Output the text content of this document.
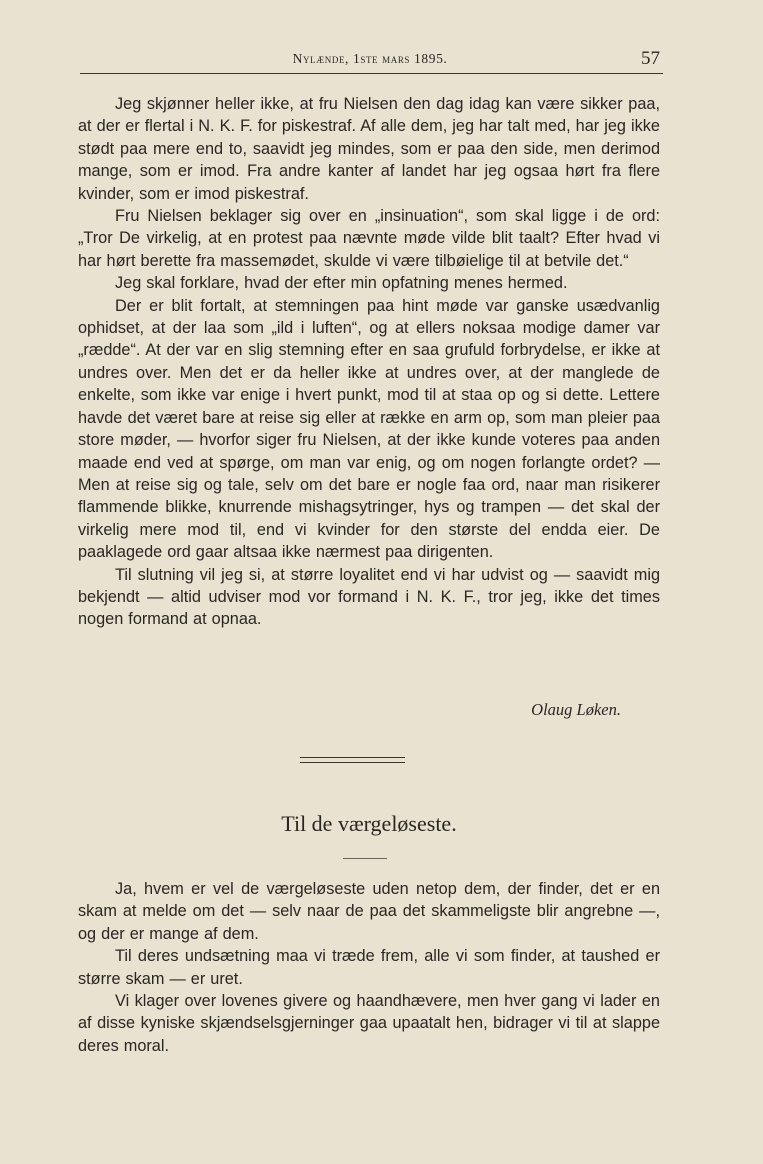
Nylænde, 1ste mars 1895.	57

Jeg skjønner heller ikke, at fru Nielsen den dag idag kan være sikker paa, at der er flertal i N. K. F. for piskestraf. Af alle dem, jeg har talt med, har jeg ikke stødt paa mere end to, saavidt jeg mindes, som er paa den side, men derimod mange, som er imod. Fra andre kanter af landet har jeg ogsaa hørt fra flere kvinder, som er imod piskestraf.

Fru Nielsen beklager sig over en „insinuation“, som skal ligge i de ord: „Tror De virkelig, at en protest paa nævnte møde vilde blit taalt? Efter hvad vi har hørt berette fra massemødet, skulde vi være tilbøielige til at betvile det.“

Jeg skal forklare, hvad der efter min opfatning menes hermed.

Der er blit fortalt, at stemningen paa hint møde var ganske usædvanlig ophidset, at der laa som „ild i luften“, og at ellers noksaa modige damer var „rædde“. At der var en slig stemning efter en saa grufuld forbrydelse, er ikke at undres over. Men det er da heller ikke at undres over, at der manglede de enkelte, som ikke var enige i hvert punkt, mod til at staa op og si dette. Lettere havde det været bare at reise sig eller at række en arm op, som man pleier paa store møder, — hvorfor siger fru Nielsen, at der ikke kunde voteres paa anden maade end ved at spørge, om man var enig, og om nogen forlangte ordet? — Men at reise sig og tale, selv om det bare er nogle faa ord, naar man risikerer flammende blikke, knurrende mishagsytringer, hys og trampen — det skal der virkelig mere mod til, end vi kvinder for den største del endda eier. De paaklagede ord gaar altsaa ikke nærmest paa dirigenten.

Til slutning vil jeg si, at større loyalitet end vi har udvist og — saavidt mig bekjendt — altid udviser mod vor formand i N. K. F., tror jeg, ikke det times nogen formand at opnaa.

Olaug Løken.
Til de værgeløseste.

Ja, hvem er vel de værgeløseste uden netop dem, der finder, det er en skam at melde om det — selv naar de paa det skammeligste blir angrebne —, og der er mange af dem.

Til deres undsætning maa vi træde frem, alle vi som finder, at taushed er større skam — er uret.

Vi klager over lovenes givere og haandhævere, men hver gang vi lader en af disse kyniske skjændselsgjerninger gaa upaatalt hen, bidrager vi til at slappe deres moral.
